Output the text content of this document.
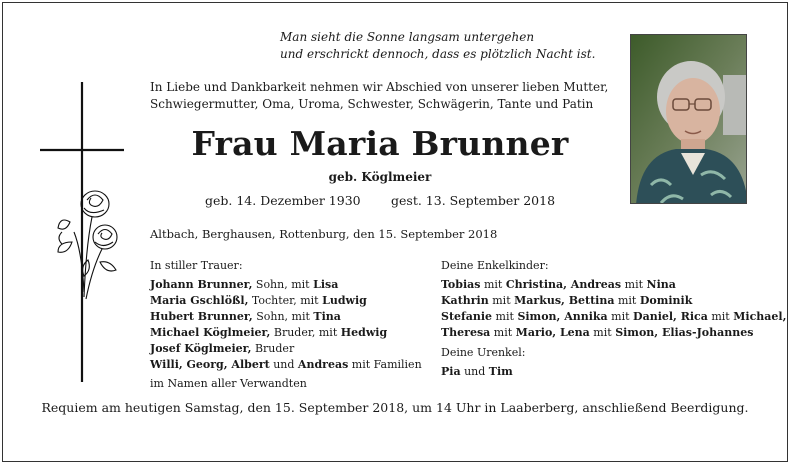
Man sieht die Sonne langsam untergehen
und erschrickt dennoch, dass es plötzlich Nacht ist.
In Liebe und Dankbarkeit nehmen wir Abschied von unserer lieben Mutter,
Schwiegermutter, Oma, Uroma, Schwester, Schwägerin, Tante und Patin
Frau Maria Brunner
geb. Köglmeier
geb. 14. Dezember 1930 gest. 13. September 2018
Altbach, Berghausen, Rottenburg, den 15. September 2018
In stiller Trauer:
Johann Brunner, Sohn, mit Lisa
Maria Gschlößl, Tochter, mit Ludwig
Hubert Brunner, Sohn, mit Tina
Michael Köglmeier, Bruder, mit Hedwig
Josef Köglmeier, Bruder
Willi, Georg, Albert und Andreas mit Familien
im Namen aller Verwandten
Deine Enkelkinder:
Tobias mit Christina, Andreas mit Nina
Kathrin mit Markus, Bettina mit Dominik
Stefanie mit Simon, Annika mit Daniel, Rica mit Michael,
Theresa mit Mario, Lena mit Simon, Elias-Johannes
Deine Urenkel:
Pia und Tim
Requiem am heutigen Samstag, den 15. September 2018, um 14 Uhr in Laaberberg, anschließend Beerdigung.
